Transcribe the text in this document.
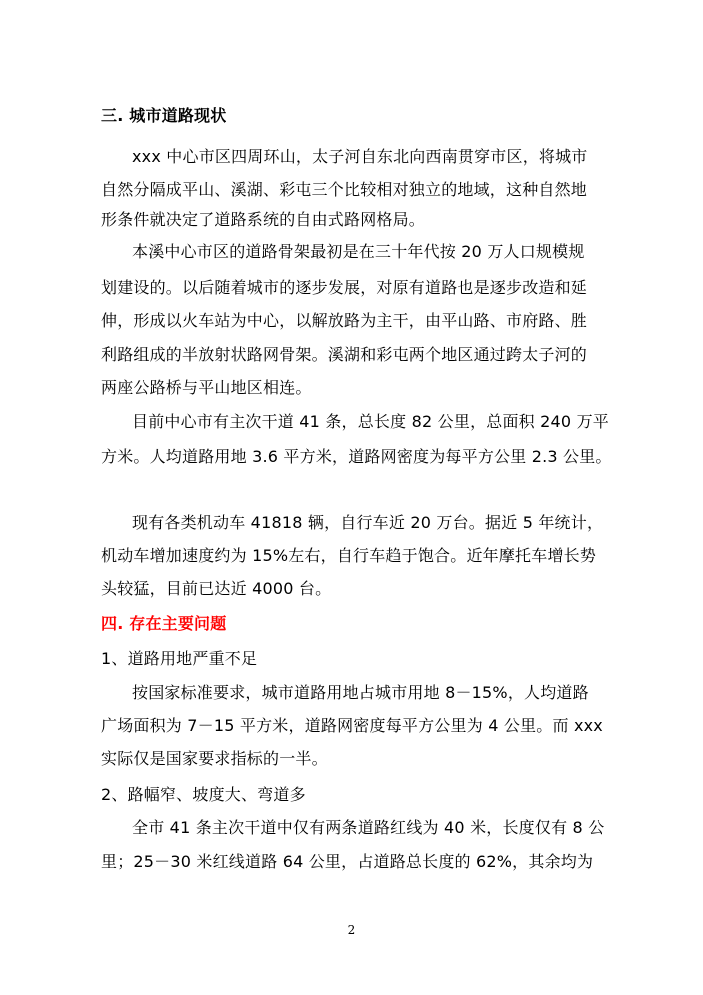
三. 城市道路现状
xxx 中心市区四周环山，太子河自东北向西南贯穿市区，将城市
自然分隔成平山、溪湖、彩屯三个比较相对独立的地域，这种自然地
形条件就决定了道路系统的自由式路网格局。
本溪中心市区的道路骨架最初是在三十年代按 20 万人口规模规
划建设的。以后随着城市的逐步发展，对原有道路也是逐步改造和延
伸，形成以火车站为中心，以解放路为主干，由平山路、市府路、胜
利路组成的半放射状路网骨架。溪湖和彩屯两个地区通过跨太子河的
两座公路桥与平山地区相连。
目前中心市有主次干道 41 条，总长度 82 公里，总面积 240 万平
方米。人均道路用地 3.6 平方米，道路网密度为每平方公里 2.3 公里。
现有各类机动车 41818 辆，自行车近 20 万台。据近 5 年统计，
机动车增加速度约为 15%左右，自行车趋于饱合。近年摩托车增长势
头较猛，目前已达近 4000 台。
四. 存在主要问题
1、道路用地严重不足
按国家标准要求，城市道路用地占城市用地 8－15%，人均道路
广场面积为 7－15 平方米，道路网密度每平方公里为 4 公里。而 xxx
实际仅是国家要求指标的一半。
2、路幅窄、坡度大、弯道多
全市 41 条主次干道中仅有两条道路红线为 40 米，长度仅有 8 公
里；25－30 米红线道路 64 公里，占道路总长度的 62%，其余均为
2
